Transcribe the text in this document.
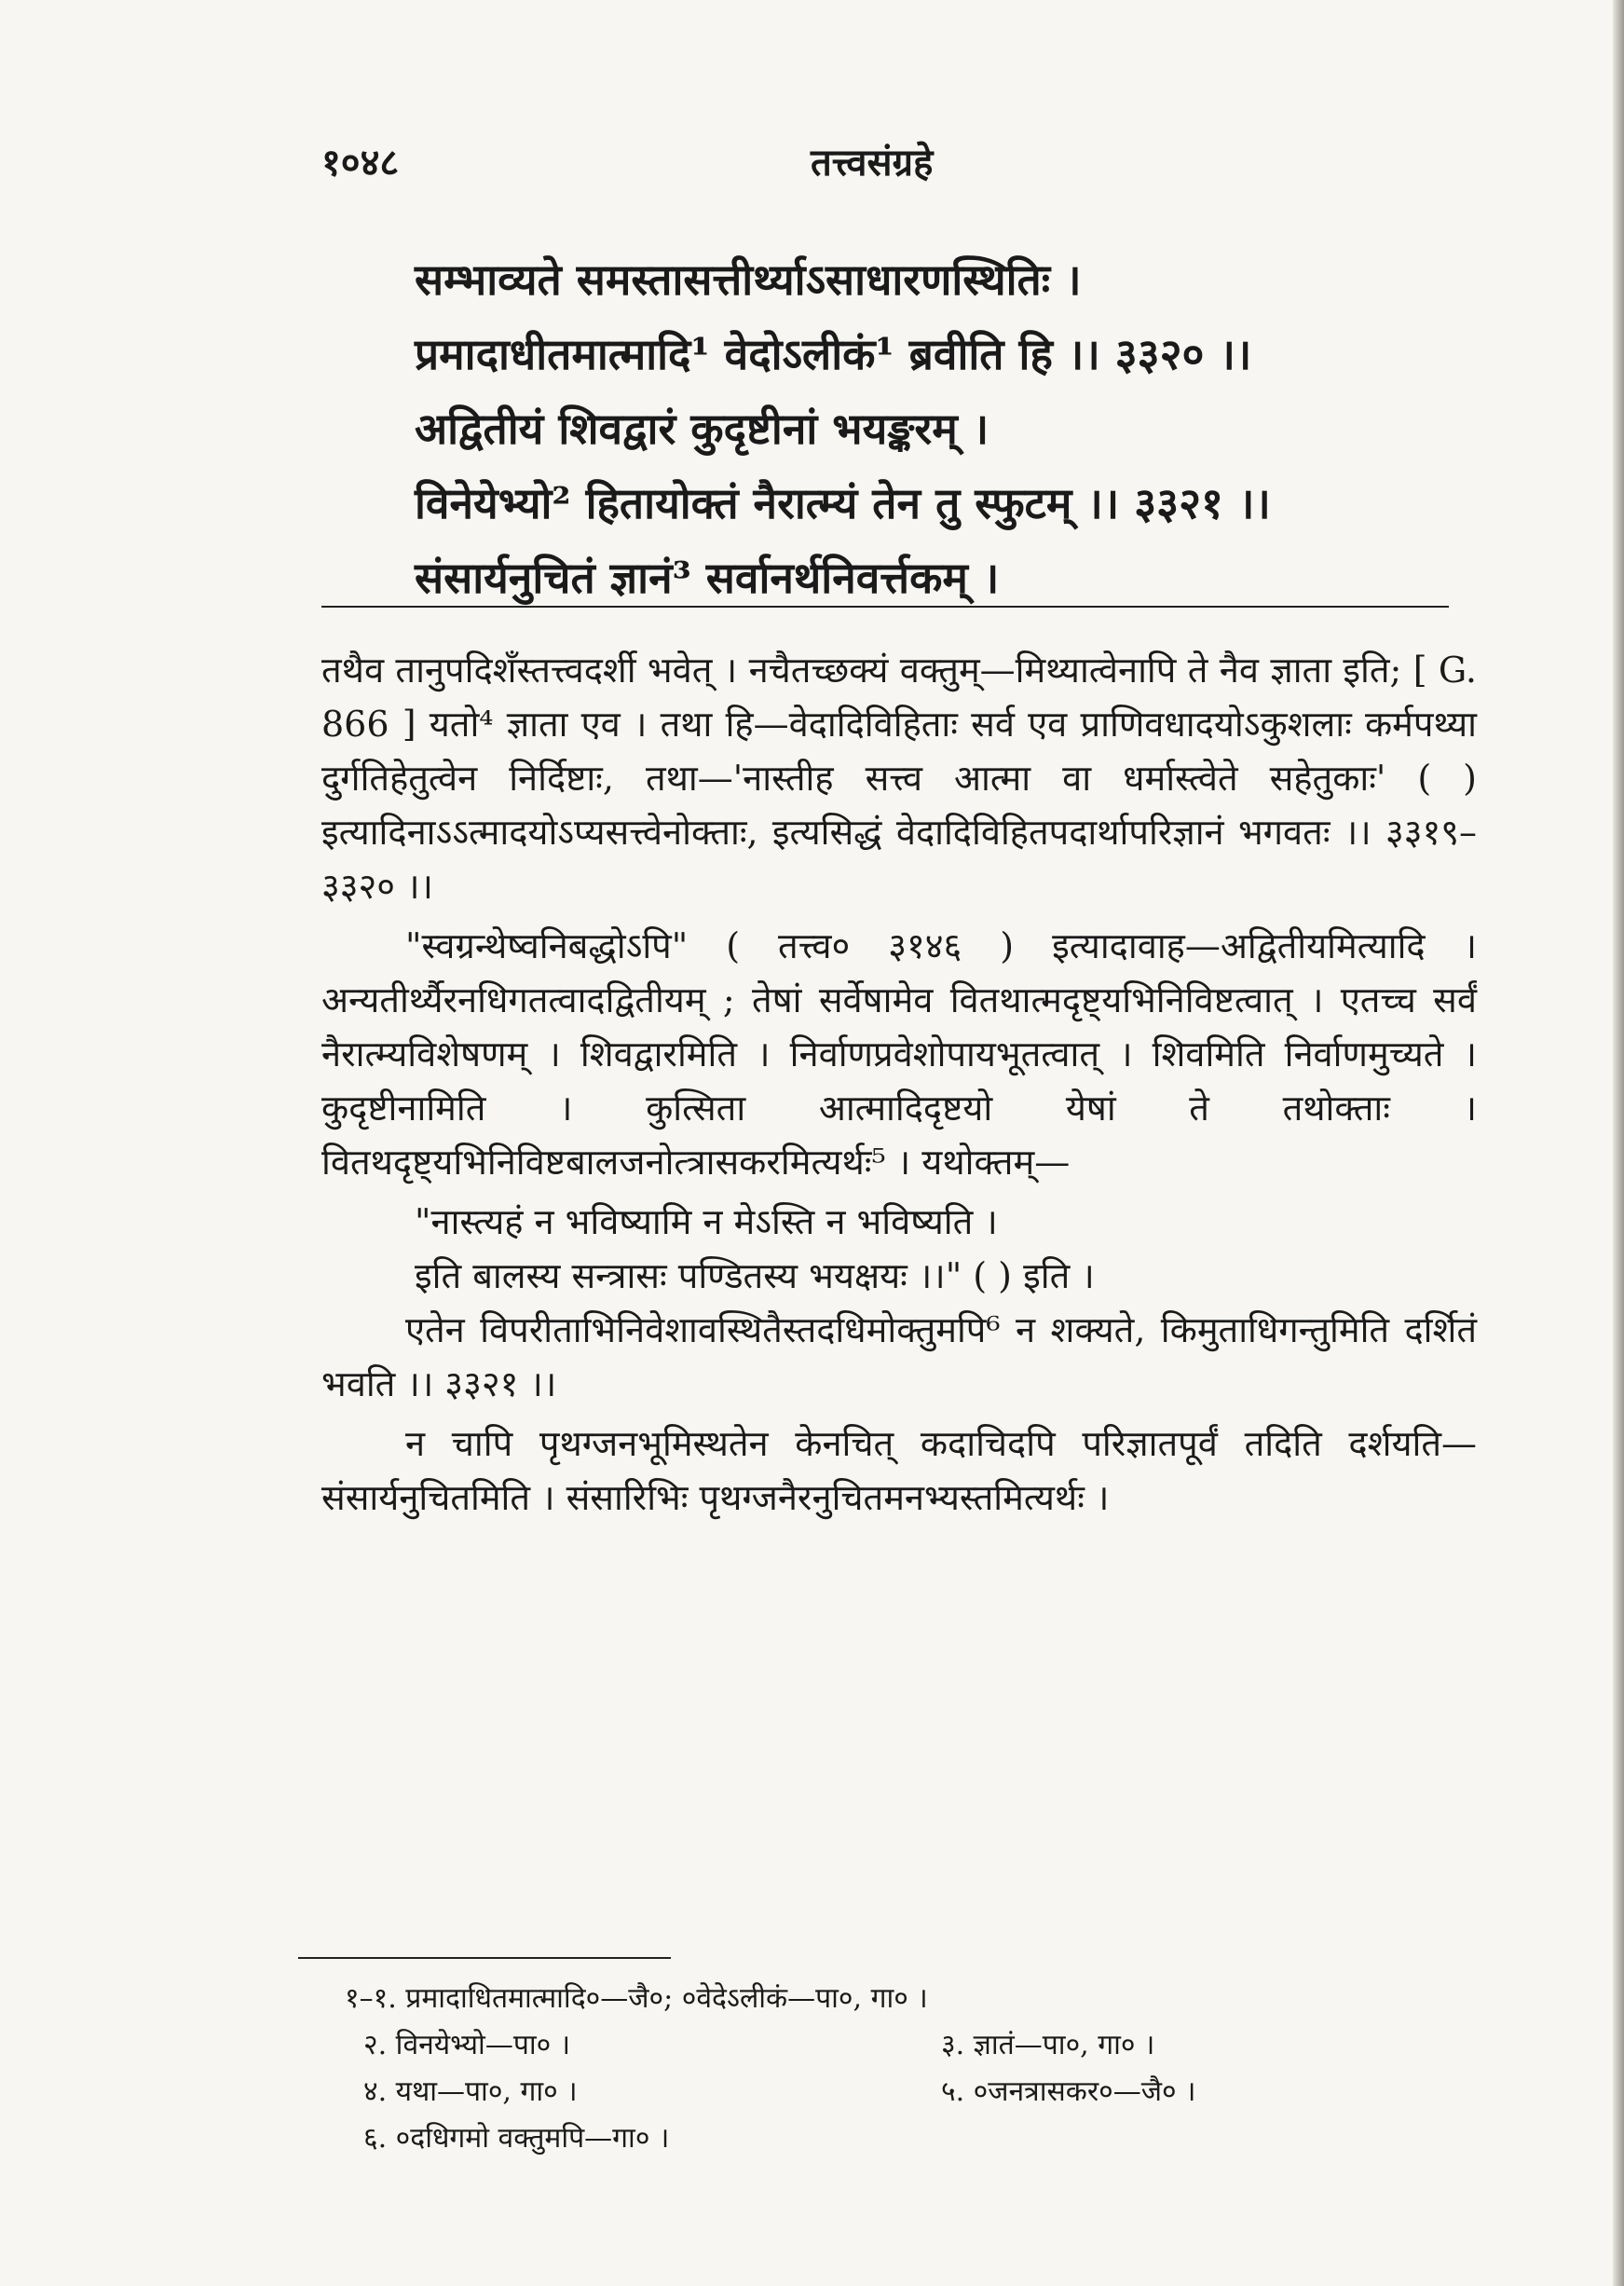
१०४८	तत्त्वसंग्रहे
सम्भाव्यते समस्तासत्तीर्थ्याऽसाधारणस्थितिः ।
प्रमादाधीतमात्मादि¹ वेदोऽलीकं¹ ब्रवीति हि ।। ३३२० ।।
अद्वितीयं शिवद्वारं कुदृष्टीनां भयङ्करम् ।
विनेयेभ्यो² हितायोक्तं नैरात्म्यं तेन तु स्फुटम् ।। ३३२१ ।।
संसार्यनुचितं ज्ञानं³ सर्वानर्थनिवर्त्तकम् ।

तथैव तानुपदिशँस्तत्त्वदर्शी भवेत् । नचैतच्छक्यं वक्तुम्—मिथ्यात्वेनापि ते नैव ज्ञाता इति; [ G. 866 ] यतो⁴ ज्ञाता एव । तथा हि—वेदादिविहिताः सर्व एव प्राणिवधादयोऽकुशलाः कर्मपथ्या दुर्गतिहेतुत्वेन निर्दिष्टाः, तथा—'नास्तीह सत्त्व आत्मा वा धर्मास्त्वेते सहेतुकाः' ( ) इत्यादिनाऽऽत्मादयोऽप्यसत्त्वेनोक्ताः, इत्यसिद्धं वेदादिविहितपदार्थापरिज्ञानं भगवतः ।। ३३१९–३३२० ।।

"स्वग्रन्थेष्वनिबद्धोऽपि" ( तत्त्व० ३१४६ ) इत्यादावाह—अद्वितीयमित्यादि । अन्यतीर्थ्यैरनधिगतत्वादद्वितीयम् ; तेषां सर्वेषामेव वितथात्मदृष्ट्यभिनिविष्टत्वात् । एतच्च सर्वं नैरात्म्यविशेषणम् । शिवद्वारमिति । निर्वाणप्रवेशोपायभूतत्वात् । शिवमिति निर्वाणमुच्यते । कुदृष्टीनामिति । कुत्सिता आत्मादिदृष्टयो येषां ते तथोक्ताः । वितथदृष्ट्यभिनिविष्टबालजनोत्त्रासकरमित्यर्थः⁵ । यथोक्तम्—

"नास्त्यहं न भविष्यामि न मेऽस्ति न भविष्यति ।

इति बालस्य सन्त्रासः पण्डितस्य भयक्षयः ।।" ( ) इति ।

एतेन विपरीताभिनिवेशावस्थितैस्तदधिमोक्तुमपि⁶ न शक्यते, किमुताधिगन्तुमिति दर्शितं भवति ।। ३३२१ ।।

न चापि पृथग्जनभूमिस्थतेन केनचित् कदाचिदपि परिज्ञातपूर्वं तदिति दर्शयति—संसार्यनुचितमिति । संसारिभिः पृथग्जनैरनुचितमनभ्यस्तमित्यर्थः ।

१–१. प्रमादाधितमात्मादि०—जै०; ०वेदेऽलीकं—पा०, गा० ।
२. विनयेभ्यो—पा० ।	३. ज्ञातं—पा०, गा० ।
४. यथा—पा०, गा० ।	५. ०जनत्रासकर०—जै० ।
६. ०दधिगमो वक्तुमपि—गा० ।
